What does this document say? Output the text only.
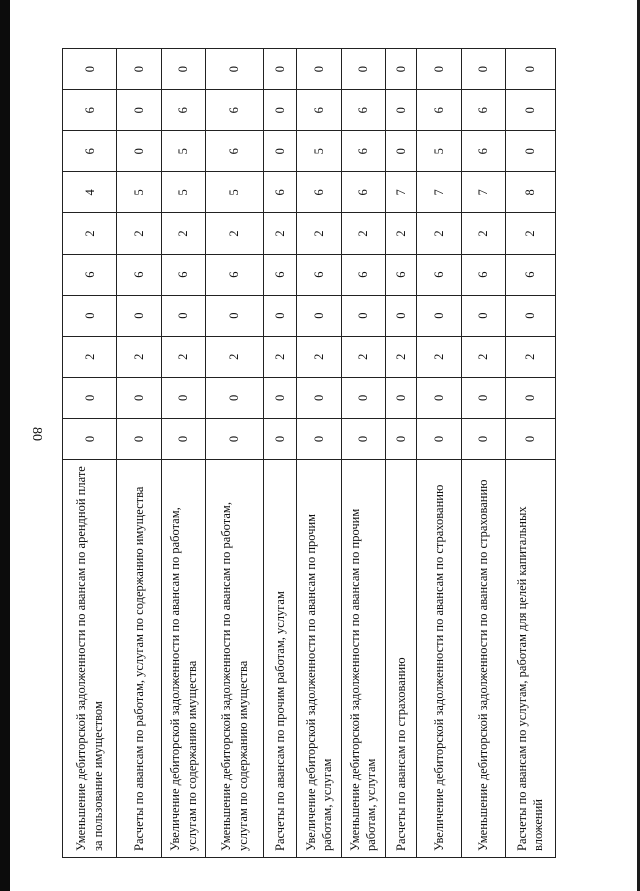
80
Уменьшение дебиторской задолженности по авансам по арендной плате за пользование имуществом	0	0	2	0	6	2	4	6	6	0
Расчеты по авансам по работам, услугам по содержанию имущества	0	0	2	0	6	2	5	0	0	0
Увеличение дебиторской задолженности по авансам по работам, услугам по содержанию имущества	0	0	2	0	6	2	5	5	6	0
Уменьшение дебиторской задолженности по авансам по работам, услугам по содержанию имущества	0	0	2	0	6	2	5	6	6	0
Расчеты по авансам по прочим работам, услугам	0	0	2	0	6	2	6	0	0	0
Увеличение дебиторской задолженности по авансам по прочим работам, услугам	0	0	2	0	6	2	6	5	6	0
Уменьшение дебиторской задолженности по авансам по прочим работам, услугам	0	0	2	0	6	2	6	6	6	0
Расчеты по авансам по страхованию	0	0	2	0	6	2	7	0	0	0
Увеличение дебиторской задолженности по авансам по страхованию	0	0	2	0	6	2	7	5	6	0
Уменьшение дебиторской задолженности по авансам по страхованию	0	0	2	0	6	2	7	6	6	0
Расчеты по авансам по услугам, работам для целей капитальных вложений	0	0	2	0	6	2	8	0	0	0
